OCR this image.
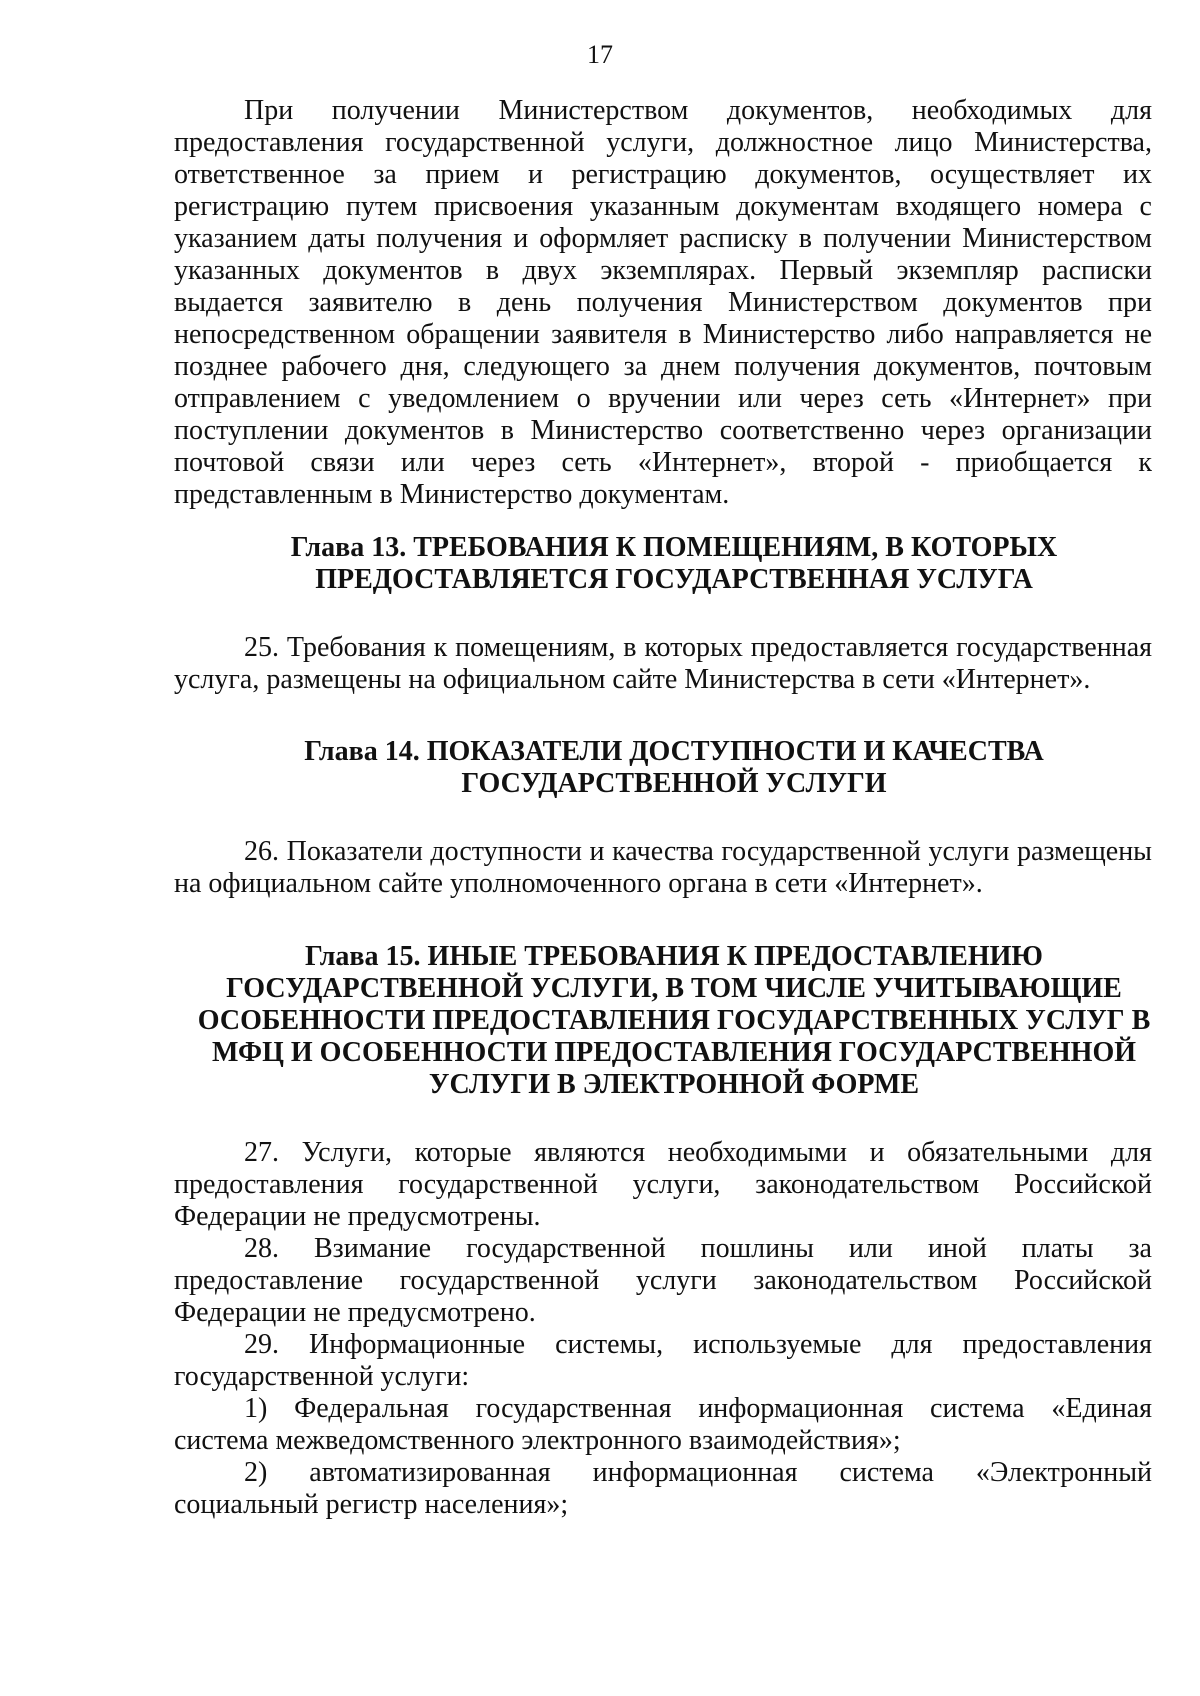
17

При получении Министерством документов, необходимых для предоставления государственной услуги, должностное лицо Министерства, ответственное за прием и регистрацию документов, осуществляет их регистрацию путем присвоения указанным документам входящего номера с указанием даты получения и оформляет расписку в получении Министерством указанных документов в двух экземплярах. Первый экземпляр расписки выдается заявителю в день получения Министерством документов при непосредственном обращении заявителя в Министерство либо направляется не позднее рабочего дня, следующего за днем получения документов, почтовым отправлением с уведомлением о вручении или через сеть «Интернет» при поступлении документов в Министерство соответственно через организации почтовой связи или через сеть «Интернет», второй - приобщается к представленным в Министерство документам.

Глава 13. ТРЕБОВАНИЯ К ПОМЕЩЕНИЯМ, В КОТОРЫХ ПРЕДОСТАВЛЯЕТСЯ ГОСУДАРСТВЕННАЯ УСЛУГА

25. Требования к помещениям, в которых предоставляется государственная услуга, размещены на официальном сайте Министерства в сети «Интернет».

Глава 14. ПОКАЗАТЕЛИ ДОСТУПНОСТИ И КАЧЕСТВА ГОСУДАРСТВЕННОЙ УСЛУГИ

26. Показатели доступности и качества государственной услуги размещены на официальном сайте уполномоченного органа в сети «Интернет».

Глава 15. ИНЫЕ ТРЕБОВАНИЯ К ПРЕДОСТАВЛЕНИЮ ГОСУДАРСТВЕННОЙ УСЛУГИ, В ТОМ ЧИСЛЕ УЧИТЫВАЮЩИЕ ОСОБЕННОСТИ ПРЕДОСТАВЛЕНИЯ ГОСУДАРСТВЕННЫХ УСЛУГ В МФЦ И ОСОБЕННОСТИ ПРЕДОСТАВЛЕНИЯ ГОСУДАРСТВЕННОЙ УСЛУГИ В ЭЛЕКТРОННОЙ ФОРМЕ

27. Услуги, которые являются необходимыми и обязательными для предоставления государственной услуги, законодательством Российской Федерации не предусмотрены.

28. Взимание государственной пошлины или иной платы за предоставление государственной услуги законодательством Российской Федерации не предусмотрено.

29. Информационные системы, используемые для предоставления государственной услуги:

1) Федеральная государственная информационная система «Единая система межведомственного электронного взаимодействия»;

2) автоматизированная информационная система «Электронный социальный регистр населения»;
